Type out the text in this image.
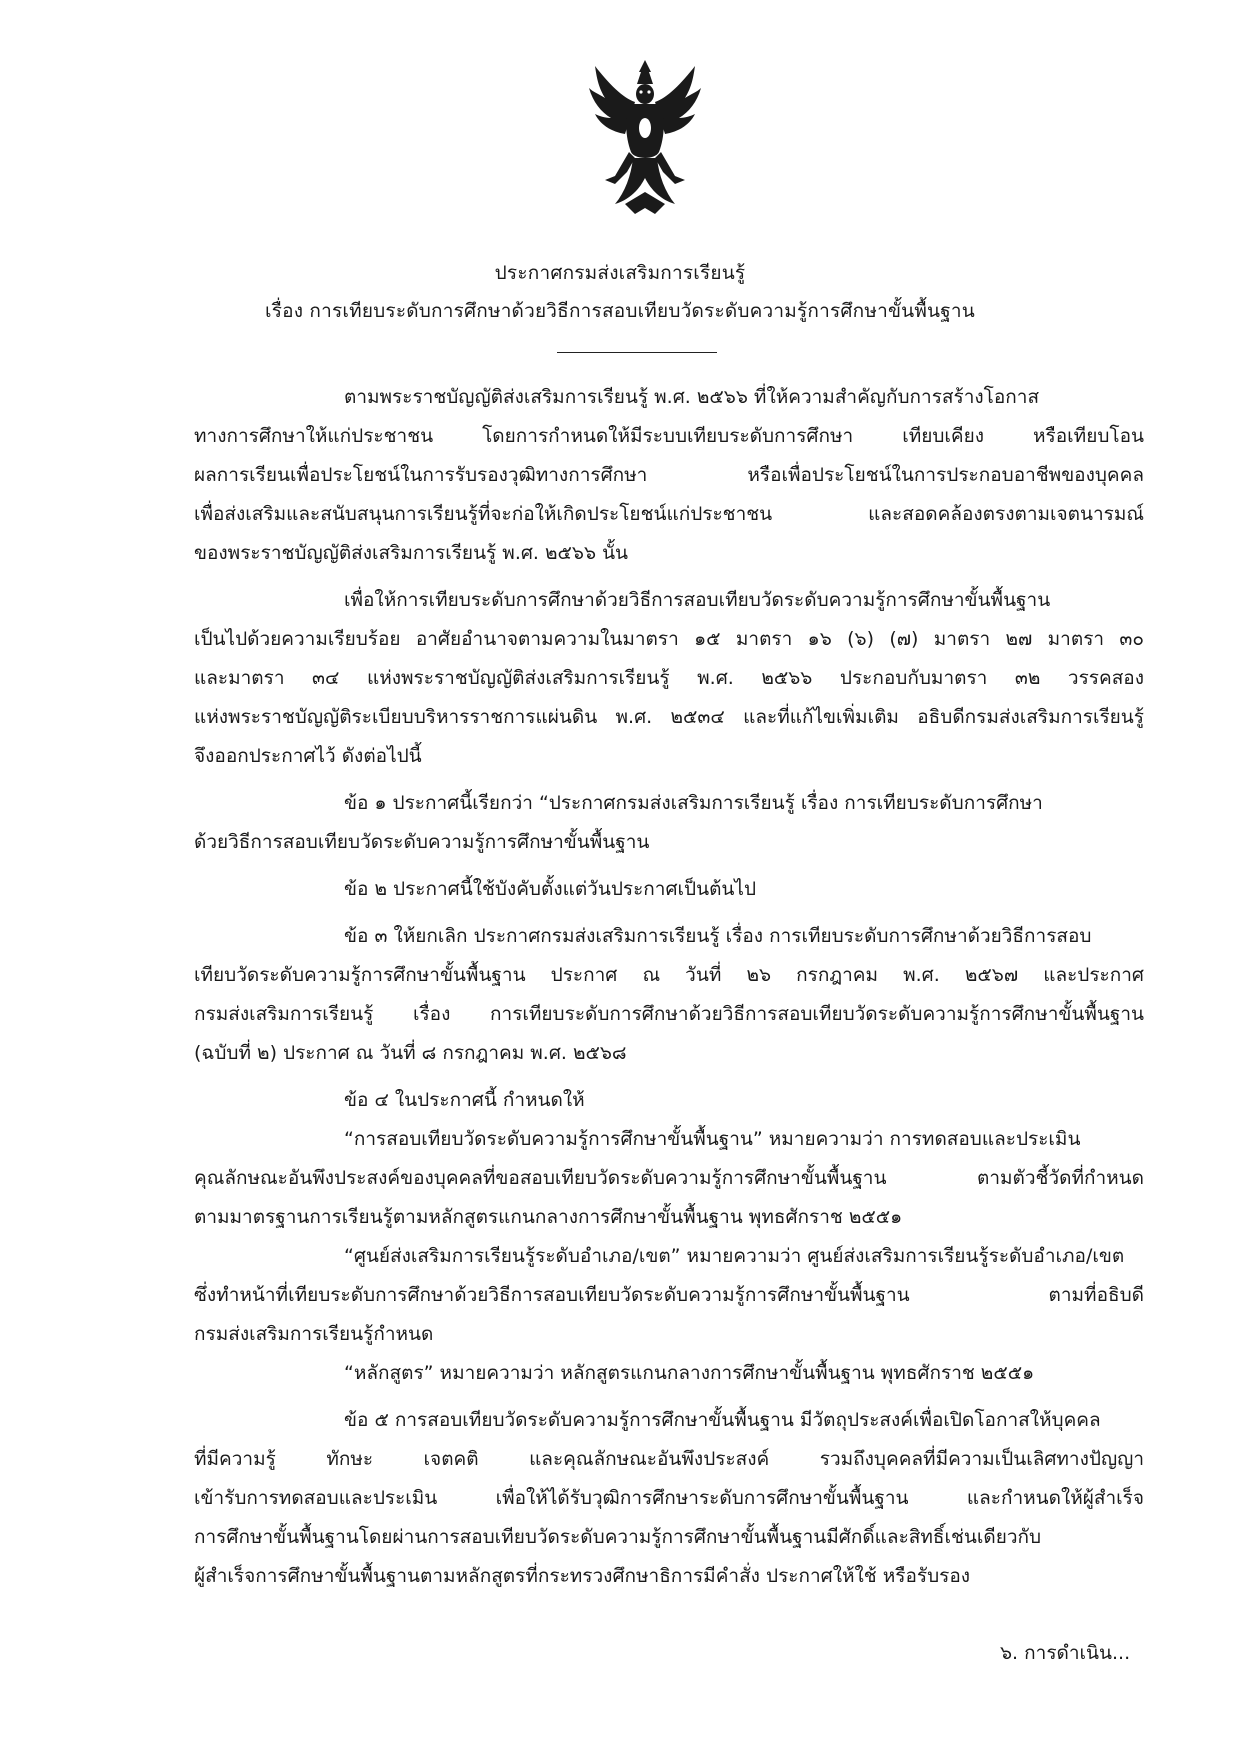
ประกาศกรมส่งเสริมการเรียนรู้
เรื่อง การเทียบระดับการศึกษาด้วยวิธีการสอบเทียบวัดระดับความรู้การศึกษาขั้นพื้นฐาน
ตามพระราชบัญญัติส่งเสริมการเรียนรู้ พ.ศ. ๒๕๖๖ ที่ให้ความสำคัญกับการสร้างโอกาส
ทางการศึกษาให้แก่ประชาชน โดยการกำหนดให้มีระบบเทียบระดับการศึกษา เทียบเคียง หรือเทียบโอน
ผลการเรียนเพื่อประโยชน์ในการรับรองวุฒิทางการศึกษา หรือเพื่อประโยชน์ในการประกอบอาชีพของบุคคล
เพื่อส่งเสริมและสนับสนุนการเรียนรู้ที่จะก่อให้เกิดประโยชน์แก่ประชาชน และสอดคล้องตรงตามเจตนารมณ์
ของพระราชบัญญัติส่งเสริมการเรียนรู้ พ.ศ. ๒๕๖๖ นั้น
เพื่อให้การเทียบระดับการศึกษาด้วยวิธีการสอบเทียบวัดระดับความรู้การศึกษาขั้นพื้นฐาน
เป็นไปด้วยความเรียบร้อย อาศัยอำนาจตามความในมาตรา ๑๕ มาตรา ๑๖ (๖) (๗) มาตรา ๒๗ มาตรา ๓๐
และมาตรา ๓๔ แห่งพระราชบัญญัติส่งเสริมการเรียนรู้ พ.ศ. ๒๕๖๖ ประกอบกับมาตรา ๓๒ วรรคสอง
แห่งพระราชบัญญัติระเบียบบริหารราชการแผ่นดิน พ.ศ. ๒๕๓๔ และที่แก้ไขเพิ่มเติม อธิบดีกรมส่งเสริมการเรียนรู้
จึงออกประกาศไว้ ดังต่อไปนี้
ข้อ ๑ ประกาศนี้เรียกว่า “ประกาศกรมส่งเสริมการเรียนรู้ เรื่อง การเทียบระดับการศึกษา
ด้วยวิธีการสอบเทียบวัดระดับความรู้การศึกษาขั้นพื้นฐาน
ข้อ ๒ ประกาศนี้ใช้บังคับตั้งแต่วันประกาศเป็นต้นไป
ข้อ ๓ ให้ยกเลิก ประกาศกรมส่งเสริมการเรียนรู้ เรื่อง การเทียบระดับการศึกษาด้วยวิธีการสอบ
เทียบวัดระดับความรู้การศึกษาขั้นพื้นฐาน ประกาศ ณ วันที่ ๒๖ กรกฎาคม พ.ศ. ๒๕๖๗ และประกาศ
กรมส่งเสริมการเรียนรู้ เรื่อง การเทียบระดับการศึกษาด้วยวิธีการสอบเทียบวัดระดับความรู้การศึกษาขั้นพื้นฐาน
(ฉบับที่ ๒) ประกาศ ณ วันที่ ๘ กรกฎาคม พ.ศ. ๒๕๖๘
ข้อ ๔ ในประกาศนี้ กำหนดให้
“การสอบเทียบวัดระดับความรู้การศึกษาขั้นพื้นฐาน” หมายความว่า การทดสอบและประเมิน
คุณลักษณะอันพึงประสงค์ของบุคคลที่ขอสอบเทียบวัดระดับความรู้การศึกษาขั้นพื้นฐาน ตามตัวชี้วัดที่กำหนด
ตามมาตรฐานการเรียนรู้ตามหลักสูตรแกนกลางการศึกษาขั้นพื้นฐาน พุทธศักราช ๒๕๕๑
“ศูนย์ส่งเสริมการเรียนรู้ระดับอำเภอ/เขต” หมายความว่า ศูนย์ส่งเสริมการเรียนรู้ระดับอำเภอ/เขต
ซึ่งทำหน้าที่เทียบระดับการศึกษาด้วยวิธีการสอบเทียบวัดระดับความรู้การศึกษาขั้นพื้นฐาน ตามที่อธิบดี
กรมส่งเสริมการเรียนรู้กำหนด
“หลักสูตร” หมายความว่า หลักสูตรแกนกลางการศึกษาขั้นพื้นฐาน พุทธศักราช ๒๕๕๑
ข้อ ๕ การสอบเทียบวัดระดับความรู้การศึกษาขั้นพื้นฐาน มีวัตถุประสงค์เพื่อเปิดโอกาสให้บุคคล
ที่มีความรู้ ทักษะ เจตคติ และคุณลักษณะอันพึงประสงค์ รวมถึงบุคคลที่มีความเป็นเลิศทางปัญญา
เข้ารับการทดสอบและประเมิน เพื่อให้ได้รับวุฒิการศึกษาระดับการศึกษาขั้นพื้นฐาน และกำหนดให้ผู้สำเร็จ
การศึกษาขั้นพื้นฐานโดยผ่านการสอบเทียบวัดระดับความรู้การศึกษาขั้นพื้นฐานมีศักดิ์และสิทธิ์เช่นเดียวกับ
ผู้สำเร็จการศึกษาขั้นพื้นฐานตามหลักสูตรที่กระทรวงศึกษาธิการมีคำสั่ง ประกาศให้ใช้ หรือรับรอง
๖. การดำเนิน...
